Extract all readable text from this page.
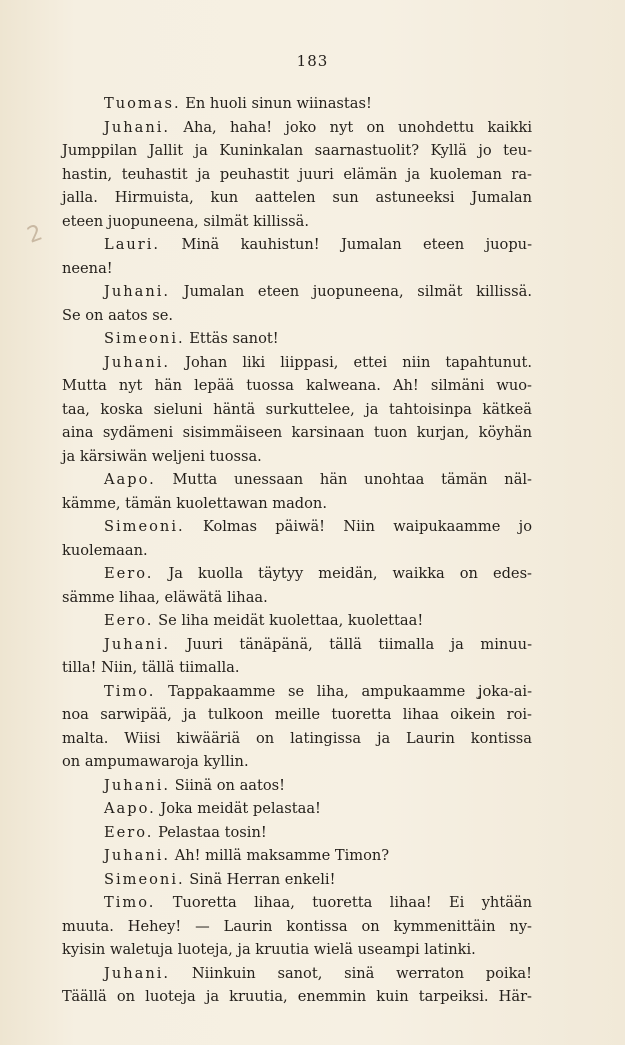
183
2
Tuomas. En huoli sinun wiinastas!
Juhani. Aha, haha! joko nyt on unohdettu kaikki
Jumppilan Jallit ja Kuninkalan saarnastuolit? Kyllä jo teu-
hastin, teuhastit ja peuhastit juuri elämän ja kuoleman ra-
jalla. Hirmuista, kun aattelen sun astuneeksi Jumalan
eteen juopuneena, silmät killissä.
Lauri. Minä kauhistun! Jumalan eteen juopu-
neena!
Juhani. Jumalan eteen juopuneena, silmät killissä.
Se on aatos se.
Simeoni. Ettäs sanot!
Juhani. Johan liki liippasi, ettei niin tapahtunut.
Mutta nyt hän lepää tuossa kalweana. Ah! silmäni wuo-
taa, koska sieluni häntä surkuttelee, ja tahtoisinpa kätkeä
aina sydämeni sisimmäiseen karsinaan tuon kurjan, köyhän
ja kärsiwän weljeni tuossa.
Aapo. Mutta unessaan hän unohtaa tämän näl-
kämme, tämän kuolettawan madon.
Simeoni. Kolmas päiwä! Niin waipukaamme jo
kuolemaan.
Eero. Ja kuolla täytyy meidän, waikka on edes-
sämme lihaa, eläwätä lihaa.
Eero. Se liha meidät kuolettaa, kuolettaa!
Juhani. Juuri tänäpänä, tällä tiimalla ja minuu-
tilla! Niin, tällä tiimalla.
Timo. Tappakaamme se liha, ampukaamme joka-ai-
noa sarwipää, ja tulkoon meille tuoretta lihaa oikein roi-
malta. Wiisi kiwääriä on latingissa ja Laurin kontissa
on ampumawaroja kyllin.
Juhani. Siinä on aatos!
Aapo. Joka meidät pelastaa!
Eero. Pelastaa tosin!
Juhani. Ah! millä maksamme Timon?
Simeoni. Sinä Herran enkeli!
Timo. Tuoretta lihaa, tuoretta lihaa! Ei yhtään
muuta. Hehey! — Laurin kontissa on kymmenittäin ny-
kyisin waletuja luoteja, ja kruutia wielä useampi latinki.
Juhani. Niinkuin sanot, sinä werraton poika!
Täällä on luoteja ja kruutia, enemmin kuin tarpeiksi. Här-
